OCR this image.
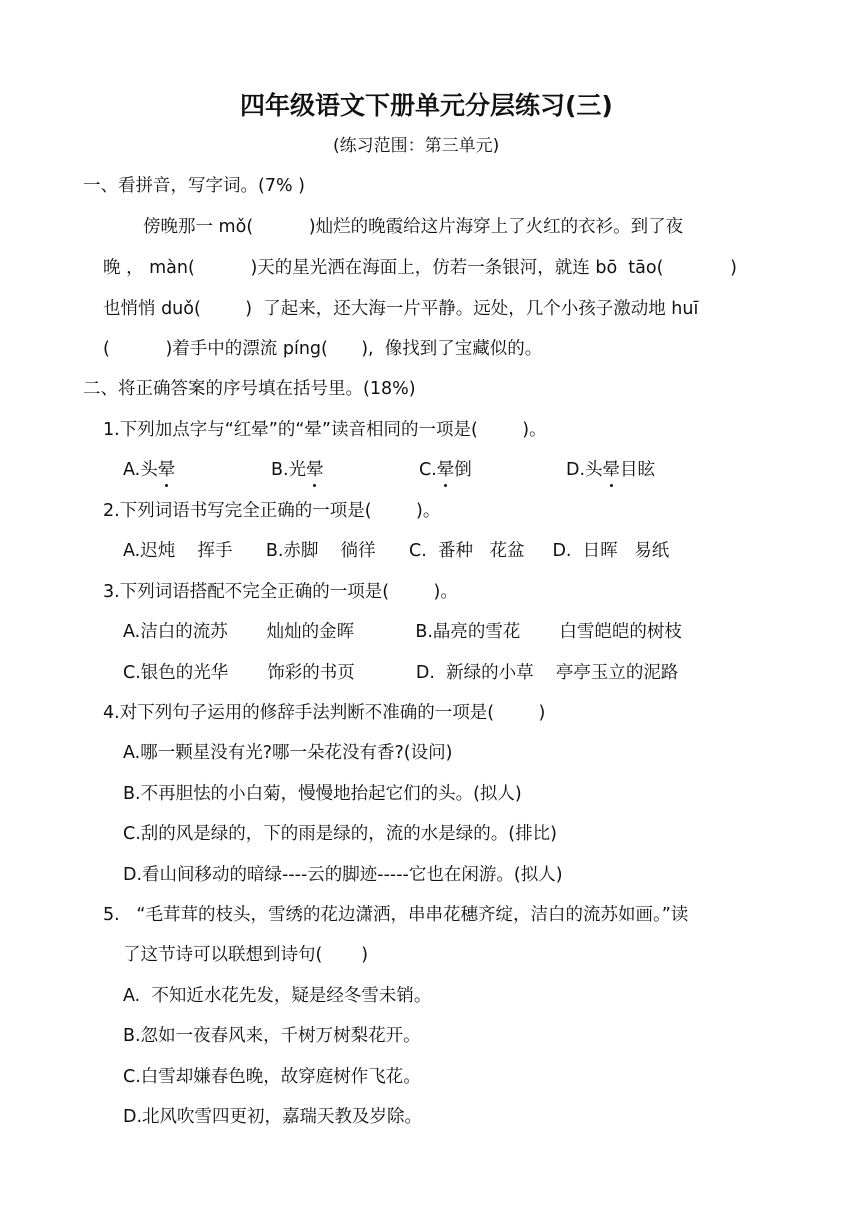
四年级语文下册单元分层练习(三)
(练习范围：第三单元)
一、看拼音，写字词。(7% )
傍晚那一 mǒ(          )灿烂的晚霞给这片海穿上了火红的衣衫。到了夜
晚 ， màn(          )天的星光洒在海面上，仿若一条银河，就连 bō  tāo(            )
也悄悄 duǒ(        )  了起来，还大海一片平静。远处，几个小孩子激动地 huī
(          )着手中的漂流 píng(      ),  像找到了宝藏似的。
二、将正确答案的序号填在括号里。(18%)
1.下列加点字与“红晕”的“晕”读音相同的一项是(        )。
A.头晕	B.光晕	C.晕倒	D.头晕目眩
2.下列词语书写完全正确的一项是(        )。
A.迟炖    挥手      B.赤脚    徜徉      C.  番种   花盆     D.  日晖   易纸
3.下列词语搭配不完全正确的一项是(        )。
A.洁白的流苏       灿灿的金晖           B.晶亮的雪花       白雪皑皑的树枝
C.银色的光华       饰彩的书页           D.  新绿的小草    亭亭玉立的泥路
4.对下列句子运用的修辞手法判断不准确的一项是(        )
A.哪一颗星没有光?哪一朵花没有香?(设问)
B.不再胆怯的小白菊，慢慢地抬起它们的头。(拟人)
C.刮的风是绿的，下的雨是绿的，流的水是绿的。(排比)
D.看山间移动的暗绿----云的脚迹-----它也在闲游。(拟人)
5.   “毛茸茸的枝头，雪绣的花边潇洒，串串花穗齐绽，洁白的流苏如画。”读
了这节诗可以联想到诗句(       )
A.  不知近水花先发，疑是经冬雪未销。
B.忽如一夜春风来，千树万树梨花开。
C.白雪却嫌春色晚，故穿庭树作飞花。
D.北风吹雪四更初，嘉瑞天教及岁除。
